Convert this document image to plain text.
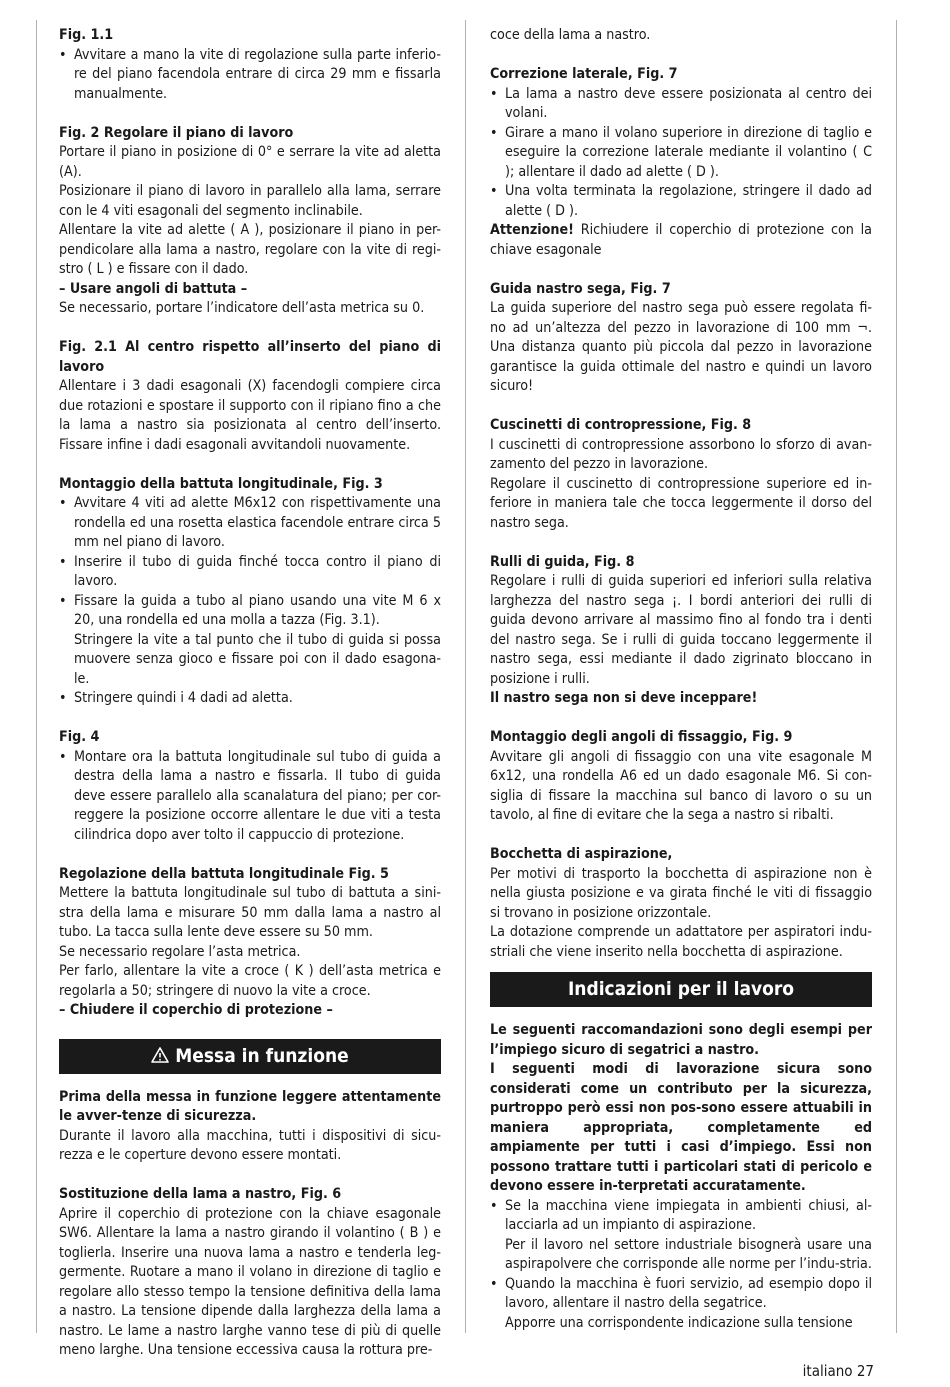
Fig. 1.1

• Avvitare a mano la vite di regolazione sulla parte inferio-re del piano facendola entrare di circa 29 mm e fissarla manualmente.

Fig. 2 Regolare il piano di lavoro

Portare il piano in posizione di 0° e serrare la vite ad aletta (A).

Posizionare il piano di lavoro in parallelo alla lama, serrare con le 4 viti esagonali del segmento inclinabile.

Allentare la vite ad alette ( A ), posizionare il piano in per-pendicolare alla lama a nastro, regolare con la vite di regi-stro ( L ) e fissare con il dado.

– Usare angoli di battuta –

Se necessario, portare l’indicatore dell’asta metrica su 0.

Fig. 2.1 Al centro rispetto all’inserto del piano di lavoro

Allentare i 3 dadi esagonali (X) facendogli compiere circa due rotazioni e spostare il supporto con il ripiano fino a che la lama a nastro sia posizionata al centro dell’inserto. Fissare infine i dadi esagonali avvitandoli nuovamente.

Montaggio della battuta longitudinale, Fig. 3

• Avvitare 4 viti ad alette M6x12 con rispettivamente una rondella ed una rosetta elastica facendole entrare circa 5 mm nel piano di lavoro.

• Inserire il tubo di guida finché tocca contro il piano di lavoro.

• Fissare la guida a tubo al piano usando una vite M 6 x 20, una rondella ed una molla a tazza (Fig. 3.1).

Stringere la vite a tal punto che il tubo di guida si possa muovere senza gioco e fissare poi con il dado esagona-le.

• Stringere quindi i 4 dadi ad aletta.

Fig. 4

• Montare ora la battuta longitudinale sul tubo di guida a destra della lama a nastro e fissarla. Il tubo di guida deve essere parallelo alla scanalatura del piano; per cor-reggere la posizione occorre allentare le due viti a testa cilindrica dopo aver tolto il cappuccio di protezione.

Regolazione della battuta longitudinale Fig. 5

Mettere la battuta longitudinale sul tubo di battuta a sini-stra della lama e misurare 50 mm dalla lama a nastro al tubo. La tacca sulla lente deve essere su 50 mm.

Se necessario regolare l’asta metrica.

Per farlo, allentare la vite a croce ( K ) dell’asta metrica e regolarla a 50; stringere di nuovo la vite a croce.

– Chiudere il coperchio di protezione –

Messa in funzione

Prima della messa in funzione leggere attentamente le avver-tenze di sicurezza.

Durante il lavoro alla macchina, tutti i dispositivi di sicu-rezza e le coperture devono essere montati.

Sostituzione della lama a nastro, Fig. 6

Aprire il coperchio di protezione con la chiave esagonale SW6. Allentare la lama a nastro girando il volantino ( B ) e toglierla. Inserire una nuova lama a nastro e tenderla leg-germente. Ruotare a mano il volano in direzione di taglio e regolare allo stesso tempo la tensione definitiva della lama a nastro. La tensione dipende dalla larghezza della lama a nastro. Le lame a nastro larghe vanno tese di più di quelle meno larghe. Una tensione eccessiva causa la rottura pre-

coce della lama a nastro.

Correzione laterale, Fig. 7

• La lama a nastro deve essere posizionata al centro dei volani.

• Girare a mano il volano superiore in direzione di taglio e eseguire la correzione laterale mediante il volantino ( C ); allentare il dado ad alette ( D ).

• Una volta terminata la regolazione, stringere il dado ad alette ( D ).

Attenzione! Richiudere il coperchio di protezione con la chiave esagonale

Guida nastro sega, Fig. 7

La guida superiore del nastro sega può essere regolata fi-no ad un’altezza del pezzo in lavorazione di 100 mm ¬. Una distanza quanto più piccola dal pezzo in lavorazione garantisce la guida ottimale del nastro e quindi un lavoro sicuro!

Cuscinetti di contropressione, Fig. 8

I cuscinetti di contropressione assorbono lo sforzo di avan-zamento del pezzo in lavorazione.

Regolare il cuscinetto di contropressione superiore ed in-feriore in maniera tale che tocca leggermente il dorso del nastro sega.

Rulli di guida, Fig. 8

Regolare i rulli di guida superiori ed inferiori sulla relativa larghezza del nastro sega ¡. I bordi anteriori dei rulli di guida devono arrivare al massimo fino al fondo tra i denti del nastro sega. Se i rulli di guida toccano leggermente il nastro sega, essi mediante il dado zigrinato bloccano in posizione i rulli.

Il nastro sega non si deve inceppare!

Montaggio degli angoli di fissaggio, Fig. 9

Avvitare gli angoli di fissaggio con una vite esagonale M 6x12, una rondella A6 ed un dado esagonale M6. Si con-siglia di fissare la macchina sul banco di lavoro o su un tavolo, al fine di evitare che la sega a nastro si ribalti.

Bocchetta di aspirazione,

Per motivi di trasporto la bocchetta di aspirazione non è nella giusta posizione e va girata finché le viti di fissaggio si trovano in posizione orizzontale.

La dotazione comprende un adattatore per aspiratori indu-striali che viene inserito nella bocchetta di aspirazione.

Indicazioni per il lavoro

Le seguenti raccomandazioni sono degli esempi per l’impiego sicuro di segatrici a nastro.

I seguenti modi di lavorazione sicura sono considerati come un contributo per la sicurezza, purtroppo però essi non pos-sono essere attuabili in maniera appropriata, completamente ed ampiamente per tutti i casi d’impiego. Essi non possono trattare tutti i particolari stati di pericolo e devono essere in-terpretati accuratamente.

• Se la macchina viene impiegata in ambienti chiusi, al-lacciarla ad un impianto di aspirazione.

Per il lavoro nel settore industriale bisognerà usare una aspirapolvere che corrisponde alle norme per l’indu-stria.

• Quando la macchina è fuori servizio, ad esempio dopo il lavoro, allentare il nastro della segatrice.

Apporre una corrispondente indicazione sulla tensione

italiano 27
